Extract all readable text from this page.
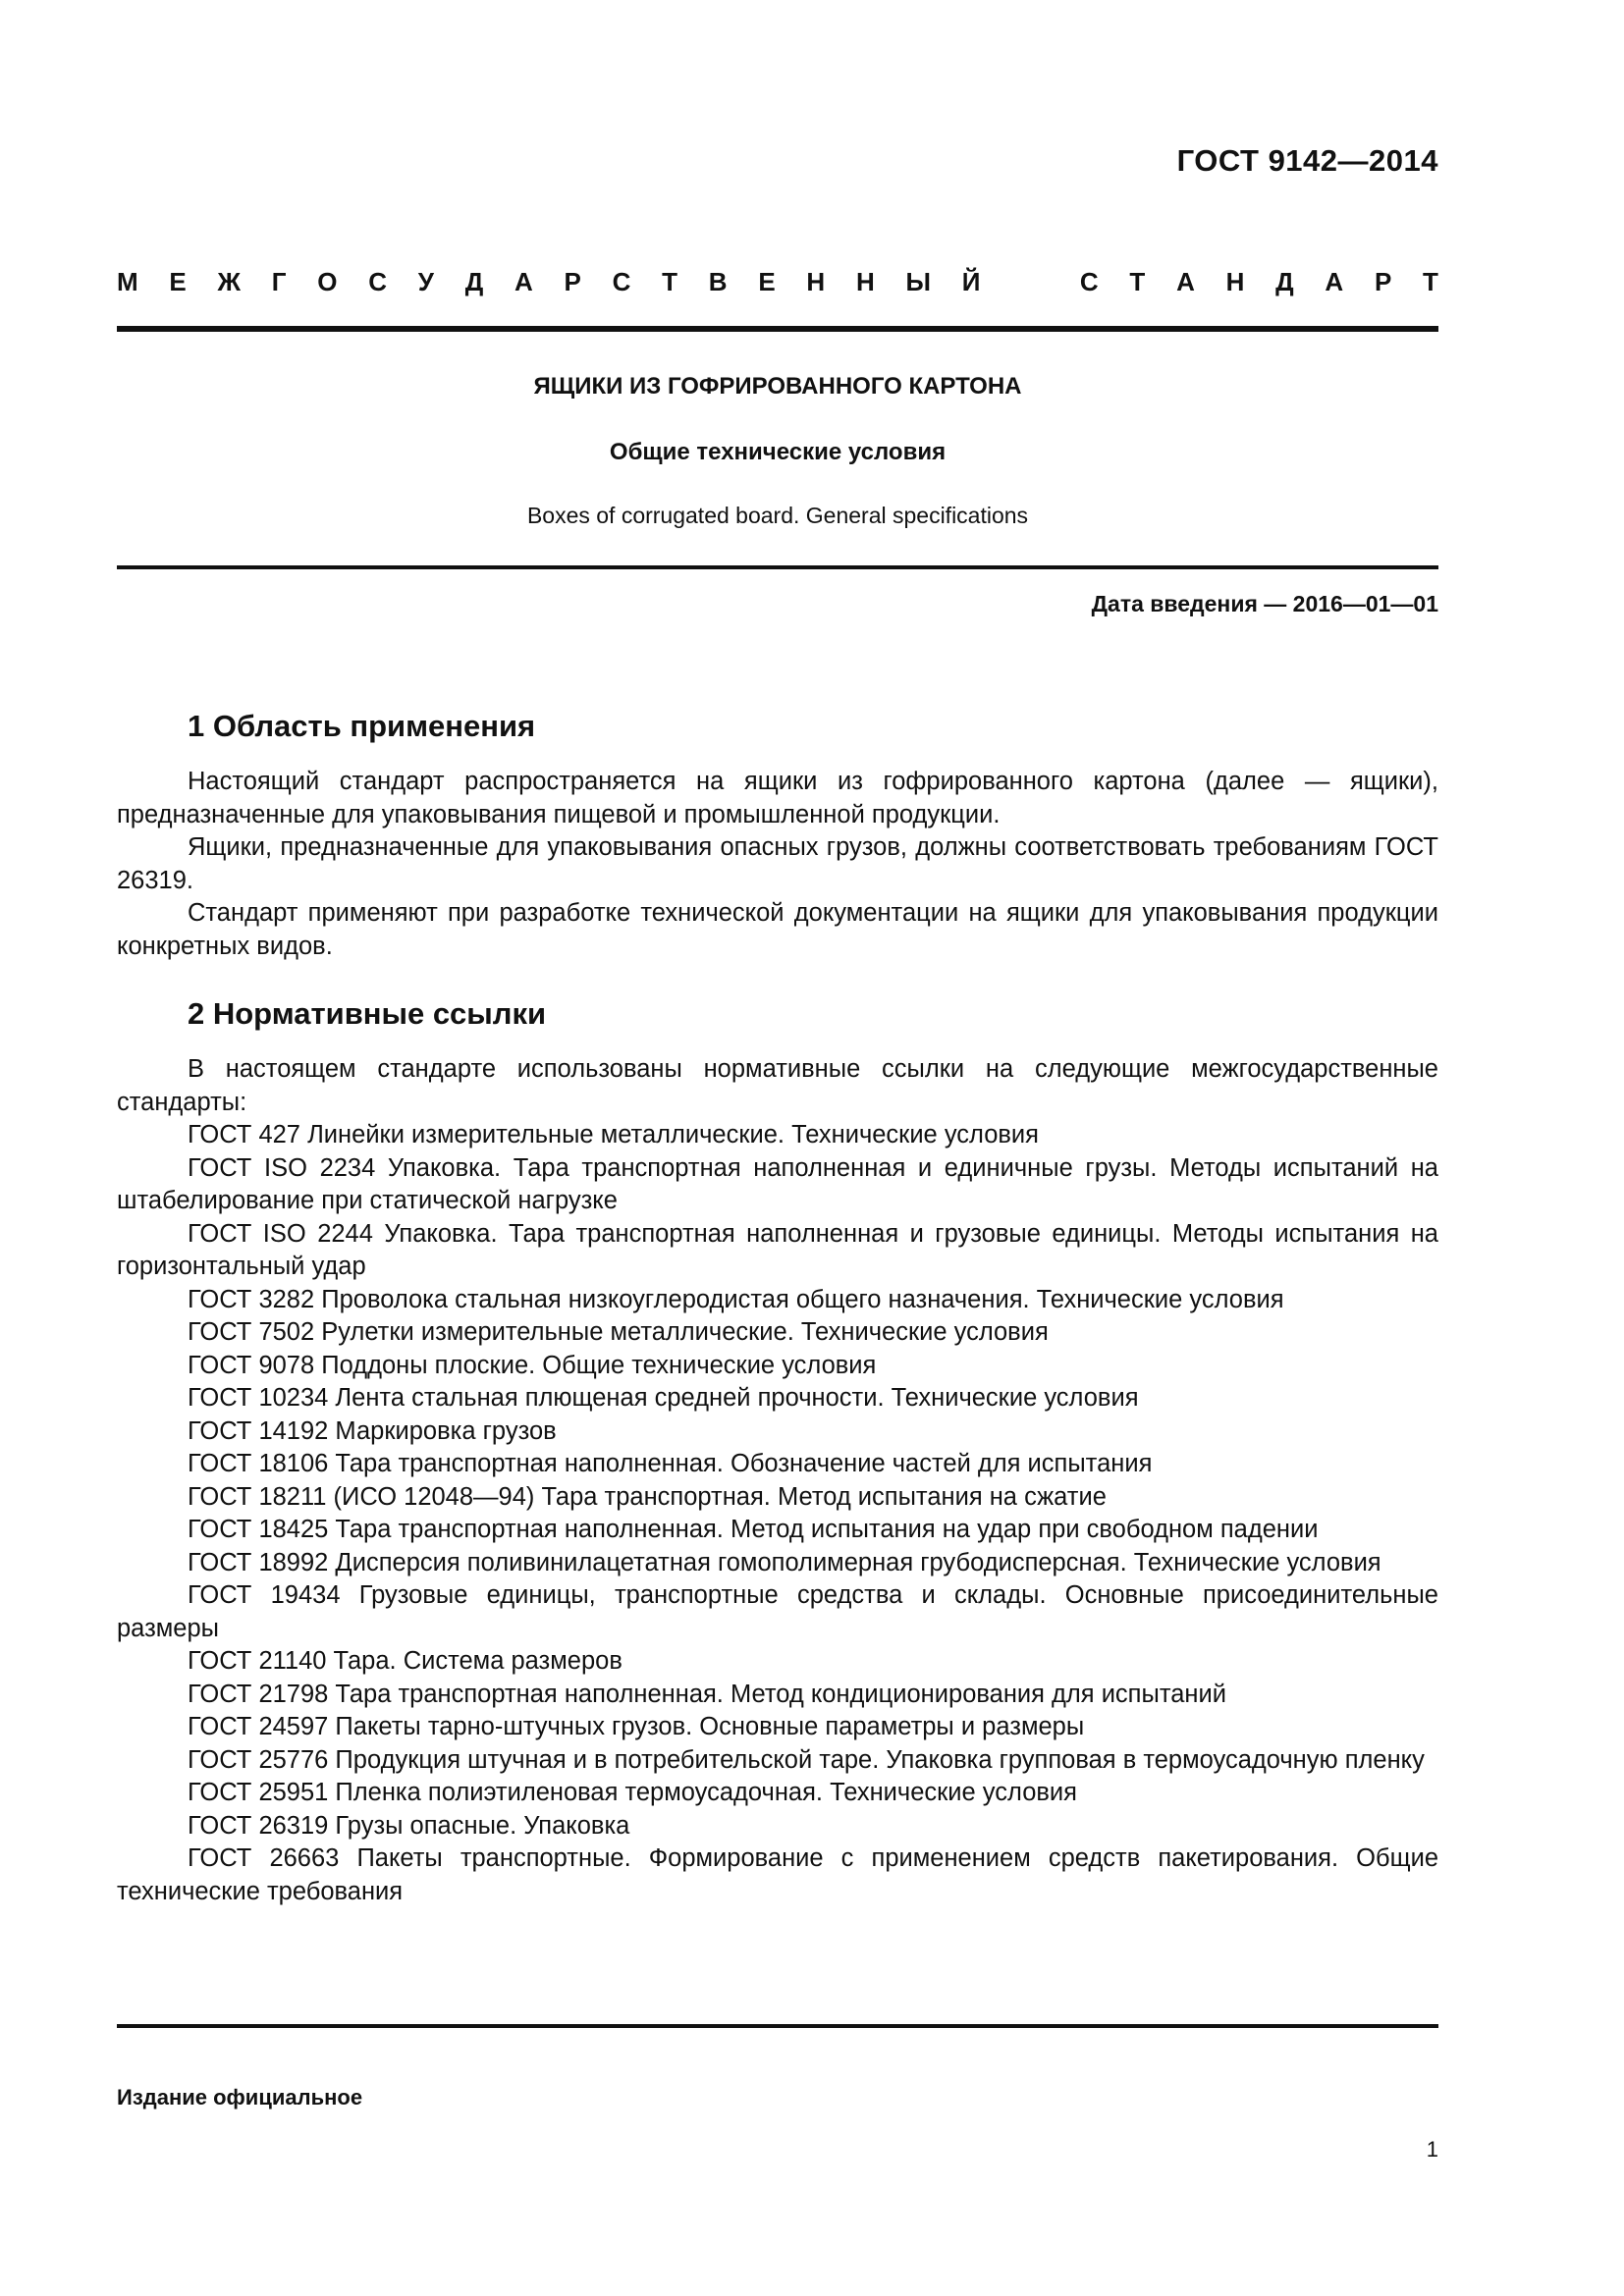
ГОСТ 9142—2014
М Е Ж Г О С У Д А Р С Т В Е Н Н Ы Й	С Т А Н Д А Р Т
ЯЩИКИ ИЗ ГОФРИРОВАННОГО КАРТОНА
Общие технические условия
Boxes of corrugated board. General specifications
Дата введения — 2016—01—01
1 Область применения

Настоящий стандарт распространяется на ящики из гофрированного картона (далее — ящики), предназначенные для упаковывания пищевой и промышленной продукции.

Ящики, предназначенные для упаковывания опасных грузов, должны соответствовать требованиям ГОСТ 26319.

Стандарт применяют при разработке технической документации на ящики для упаковывания продукции конкретных видов.

2 Нормативные ссылки

В настоящем стандарте использованы нормативные ссылки на следующие межгосударственные стандарты:

ГОСТ 427 Линейки измерительные металлические. Технические условия

ГОСТ ISO 2234 Упаковка. Тара транспортная наполненная и единичные грузы. Методы испытаний на штабелирование при статической нагрузке

ГОСТ ISO 2244 Упаковка. Тара транспортная наполненная и грузовые единицы. Методы испытания на горизонтальный удар

ГОСТ 3282 Проволока стальная низкоуглеродистая общего назначения. Технические условия

ГОСТ 7502 Рулетки измерительные металлические. Технические условия

ГОСТ 9078 Поддоны плоские. Общие технические условия

ГОСТ 10234 Лента стальная плющеная средней прочности. Технические условия

ГОСТ 14192 Маркировка грузов

ГОСТ 18106 Тара транспортная наполненная. Обозначение частей для испытания

ГОСТ 18211 (ИСО 12048—94) Тара транспортная. Метод испытания на сжатие

ГОСТ 18425 Тара транспортная наполненная. Метод испытания на удар при свободном падении

ГОСТ 18992 Дисперсия поливинилацетатная гомополимерная грубодисперсная. Технические условия

ГОСТ 19434 Грузовые единицы, транспортные средства и склады. Основные присоединительные размеры

ГОСТ 21140 Тара. Система размеров

ГОСТ 21798 Тара транспортная наполненная. Метод кондиционирования для испытаний

ГОСТ 24597 Пакеты тарно-штучных грузов. Основные параметры и размеры

ГОСТ 25776 Продукция штучная и в потребительской таре. Упаковка групповая в термоусадочную пленку

ГОСТ 25951 Пленка полиэтиленовая термоусадочная. Технические условия

ГОСТ 26319 Грузы опасные. Упаковка

ГОСТ 26663 Пакеты транспортные. Формирование с применением средств пакетирования. Общие технические требования

Издание официальное
1
